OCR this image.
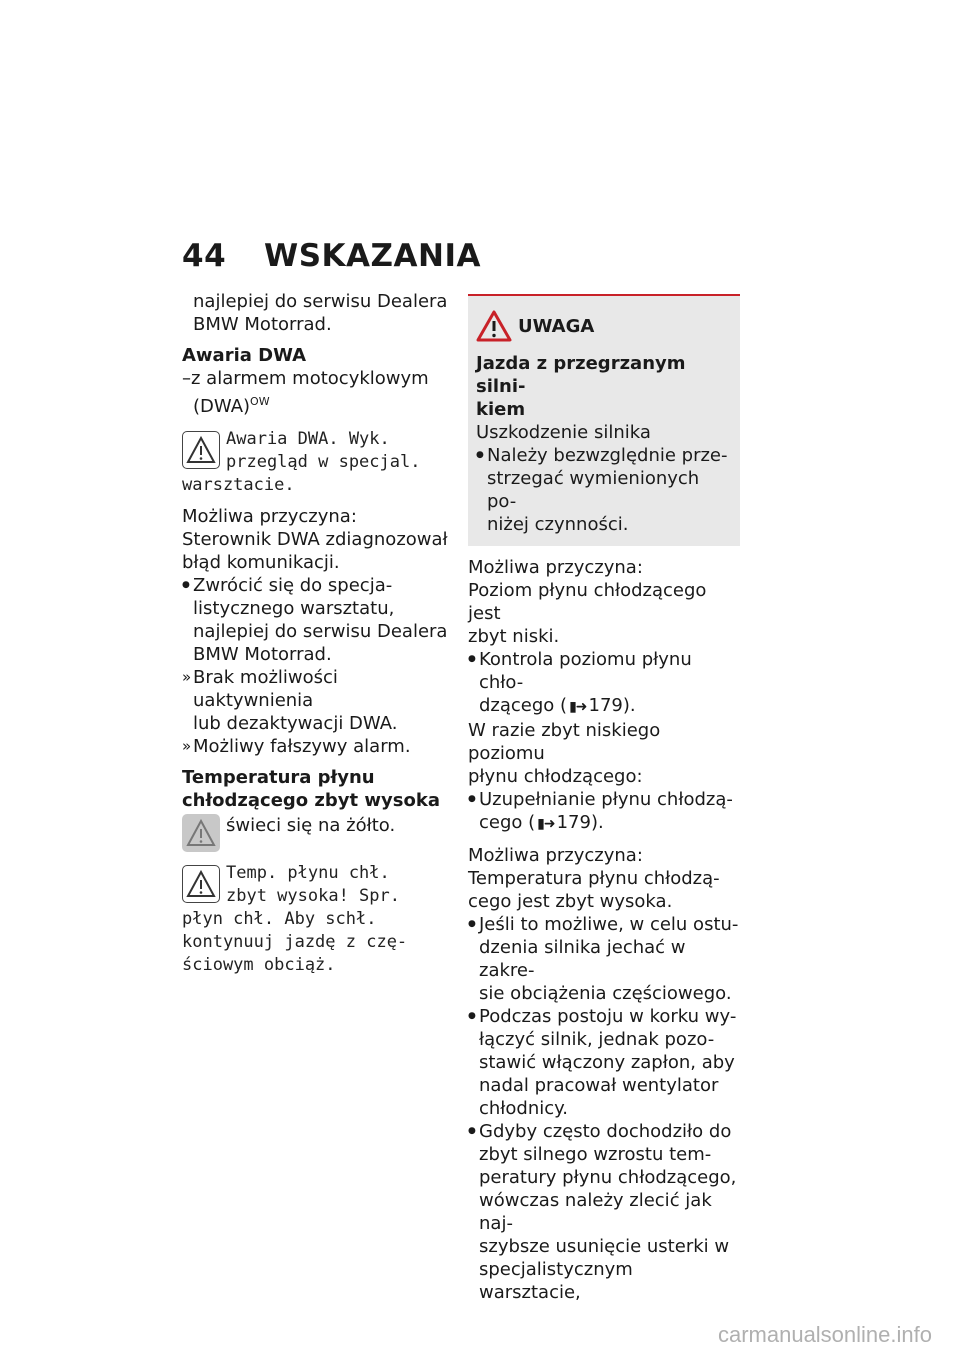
44 WSKAZANIA

najlepiej do serwisu Dealera

BMW Motorrad.

Awaria DWA

–z alarmem motocyklowym

(DWA)$^{OW}$

Awaria DWA. Wyk.
przegląd w specjal.
warsztacie.

Możliwa przyczyna:

Sterownik DWA zdiagnozował

błąd komunikacji.

● Zwrócić się do specja-

listycznego warsztatu,

najlepiej do serwisu Dealera

BMW Motorrad.

» Brak możliwości uaktywnienia

lub dezaktywacji DWA.

» Możliwy fałszywy alarm.

Temperatura płynu

chłodzącego zbyt wysoka

świeci się na żółto.

Temp. płynu chł.
zbyt wysoka! Spr.
płyn chł. Aby schł.
kontynuuj jazdę z czę-
ściowym obciąż.
UWAGA

Jazda z przegrzanym silni-

kiem

Uszkodzenie silnika

● Należy bezwzględnie prze-

strzegać wymienionych po-

niżej czynności.

Możliwa przyczyna:

Poziom płynu chłodzącego jest

zbyt niski.

● Kontrola poziomu płynu chło-

dzącego ( ▮➜ 179).

W razie zbyt niskiego poziomu

płynu chłodzącego:

● Uzupełnianie płynu chłodzą-

cego ( ▮➜ 179).

Możliwa przyczyna:

Temperatura płynu chłodzą-

cego jest zbyt wysoka.

● Jeśli to możliwe, w celu ostu-

dzenia silnika jechać w zakre-

sie obciążenia częściowego.

● Podczas postoju w korku wy-

łączyć silnik, jednak pozo-

stawić włączony zapłon, aby

nadal pracował wentylator

chłodnicy.

● Gdyby często dochodziło do

zbyt silnego wzrostu tem-

peratury płynu chłodzącego,

wówczas należy zlecić jak naj-

szybsze usunięcie usterki w

specjalistycznym warsztacie,

carmanualsonline.info
